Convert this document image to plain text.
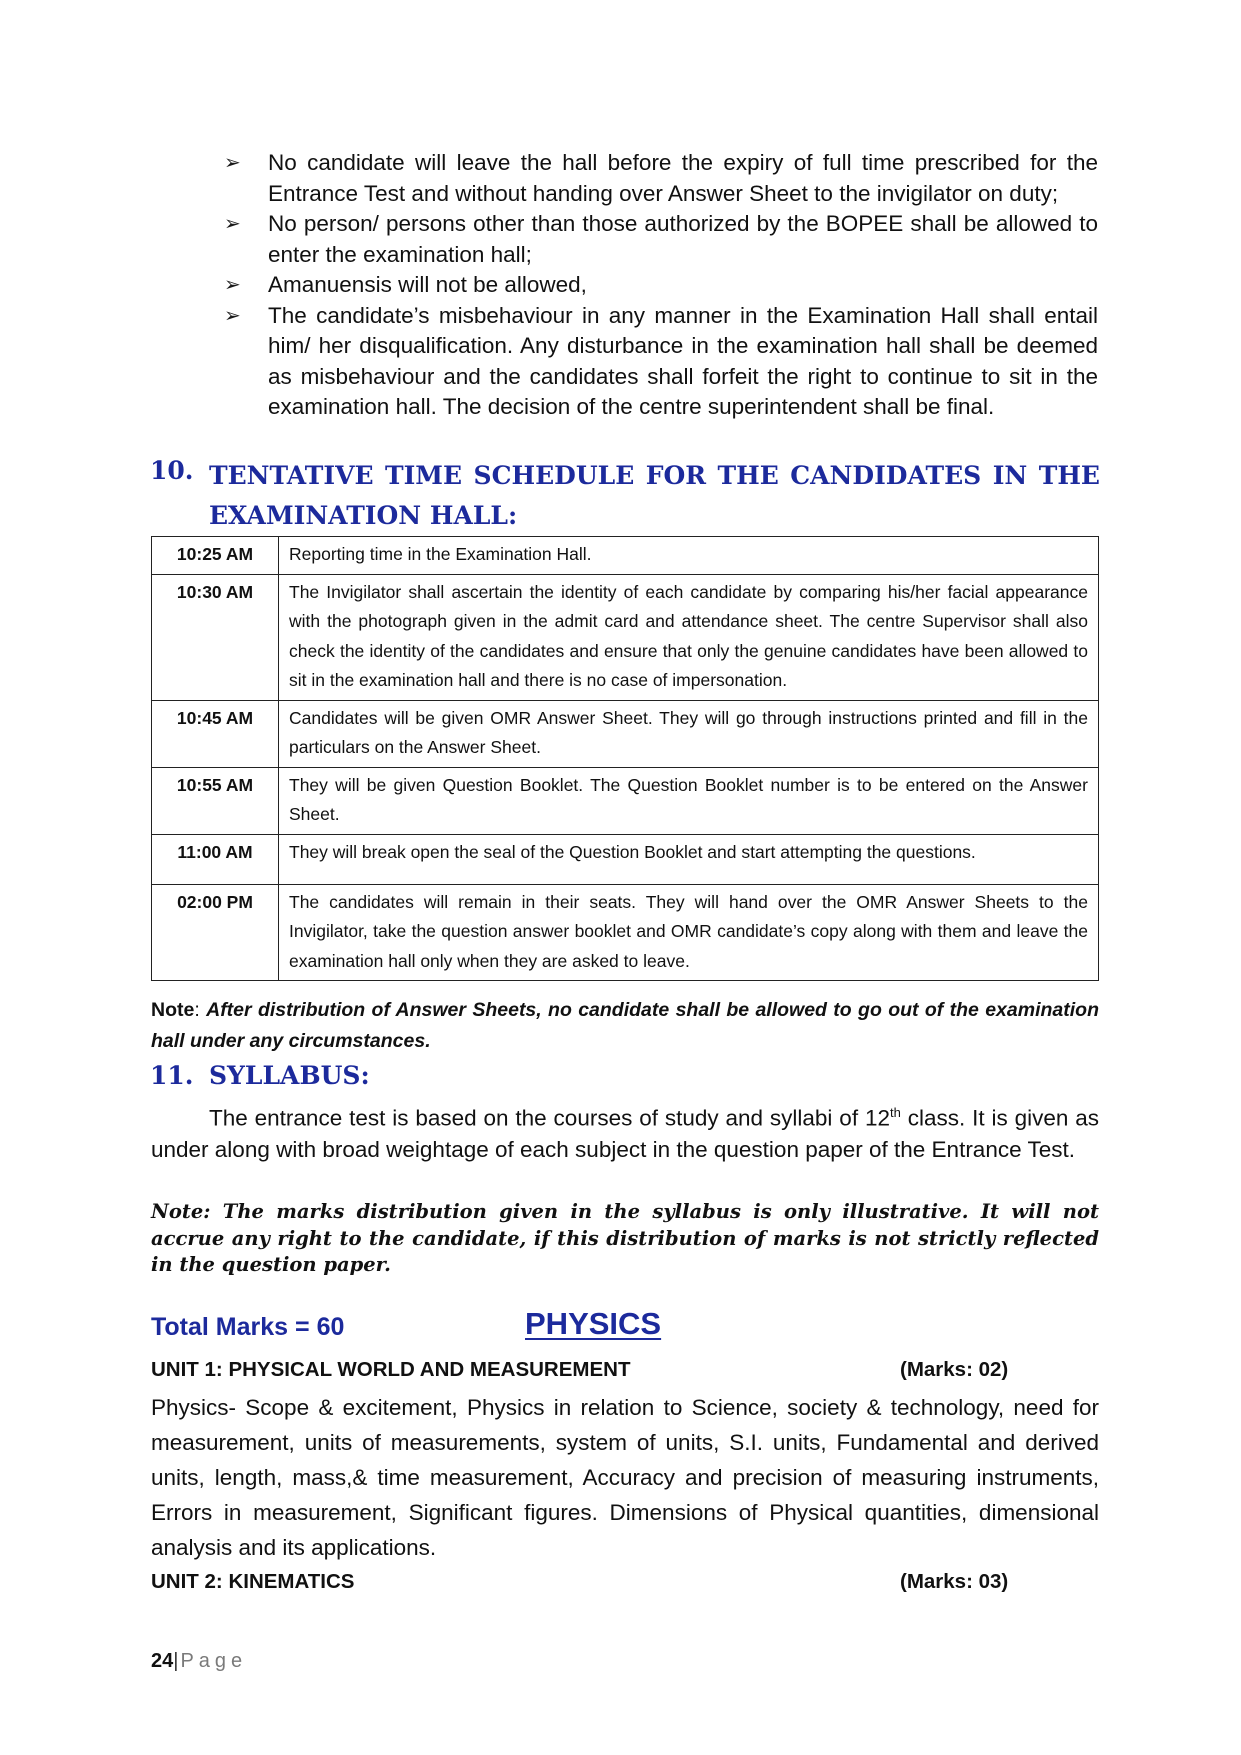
➢ No candidate will leave the hall before the expiry of full time prescribed for the Entrance Test and without handing over Answer Sheet to the invigilator on duty;
➢ No person/ persons other than those authorized by the BOPEE shall be allowed to enter the examination hall;
➢ Amanuensis will not be allowed,
➢ The candidate’s misbehaviour in any manner in the Examination Hall shall entail him/ her disqualification. Any disturbance in the examination hall shall be deemed as misbehaviour and the candidates shall forfeit the right to continue to sit in the examination hall. The decision of the centre superintendent shall be final.
10. TENTATIVE TIME SCHEDULE FOR THE CANDIDATES IN THE
EXAMINATION HALL:
10:25 AM	Reporting time in the Examination Hall.
10:30 AM	The Invigilator shall ascertain the identity of each candidate by comparing his/her facial appearance with the photograph given in the admit card and attendance sheet. The centre Supervisor shall also check the identity of the candidates and ensure that only the genuine candidates have been allowed to sit in the examination hall and there is no case of impersonation.
10:45 AM	Candidates will be given OMR Answer Sheet. They will go through instructions printed and fill in the particulars on the Answer Sheet.
10:55 AM	They will be given Question Booklet. The Question Booklet number is to be entered on the Answer Sheet.
11:00 AM	They will break open the seal of the Question Booklet and start attempting the questions.
02:00 PM	The candidates will remain in their seats. They will hand over the OMR Answer Sheets to the Invigilator, take the question answer booklet and OMR candidate’s copy along with them and leave the examination hall only when they are asked to leave.
Note: After distribution of Answer Sheets, no candidate shall be allowed to go out of the examination hall under any circumstances.
11. SYLLABUS:
The entrance test is based on the courses of study and syllabi of 12th class. It is given as under along with broad weightage of each subject in the question paper of the Entrance Test.
Note: The marks distribution given in the syllabus is only illustrative. It will not accrue any right to the candidate, if this distribution of marks is not strictly reflected in the question paper.
Total Marks = 60	PHYSICS
UNIT 1: PHYSICAL WORLD AND MEASUREMENT	(Marks: 02)
Physics- Scope & excitement, Physics in relation to Science, society & technology, need for measurement, units of measurements, system of units, S.I. units, Fundamental and derived units, length, mass,& time measurement, Accuracy and precision of measuring instruments, Errors in measurement, Significant figures. Dimensions of Physical quantities, dimensional analysis and its applications.
UNIT 2: KINEMATICS	(Marks: 03)
24| Page
